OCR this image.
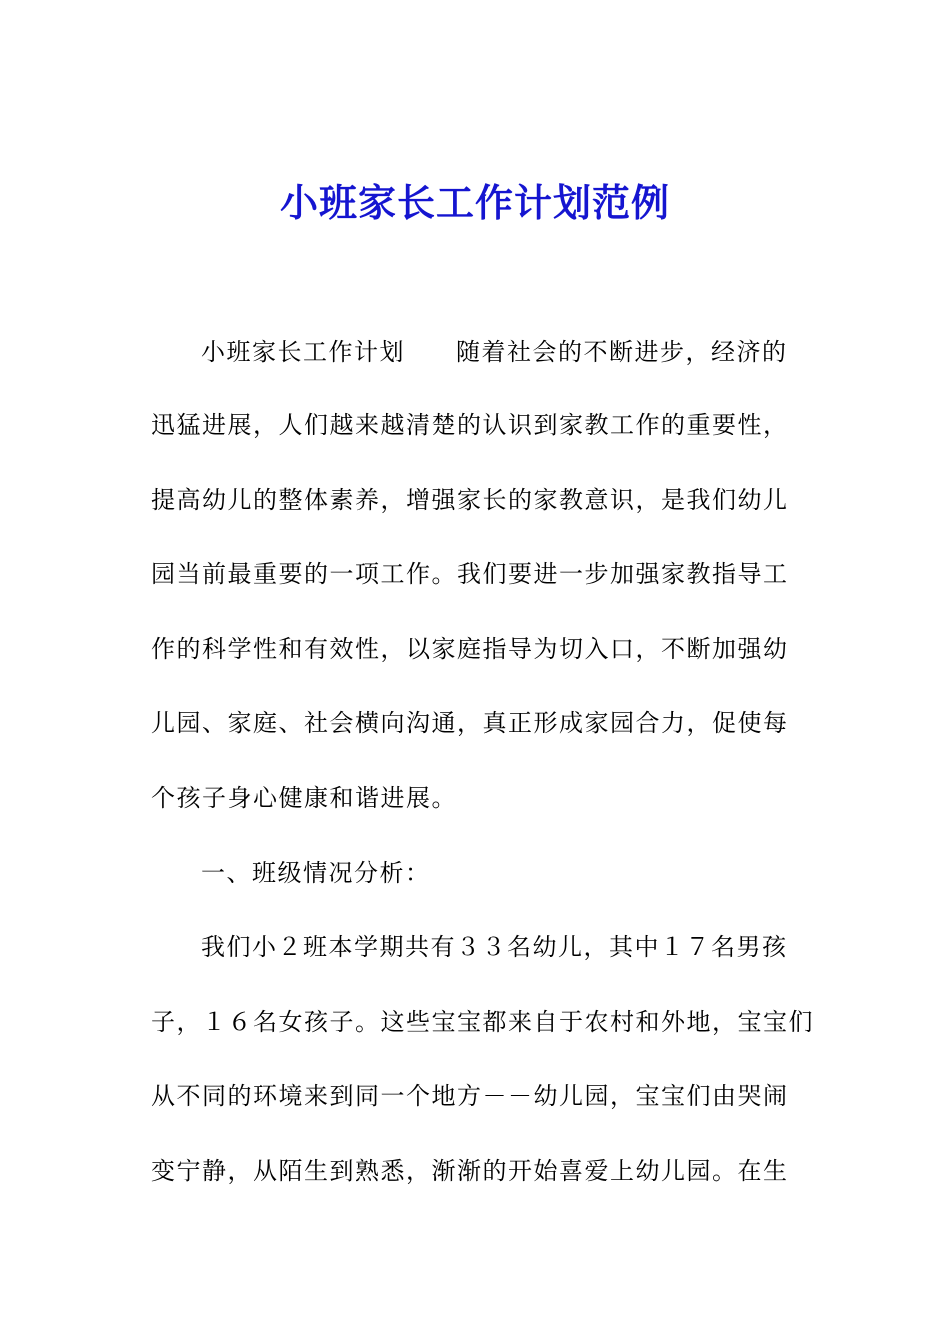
小班家长工作计划范例
小班家长工作计划　　随着社会的不断进步，经济的
迅猛进展，人们越来越清楚的认识到家教工作的重要性，
提高幼儿的整体素养，增强家长的家教意识，是我们幼儿
园当前最重要的一项工作。我们要进一步加强家教指导工
作的科学性和有效性，以家庭指导为切入口，不断加强幼
儿园、家庭、社会横向沟通，真正形成家园合力，促使每
个孩子身心健康和谐进展。
一、班级情况分析：
我们小２班本学期共有３３名幼儿，其中１７名男孩
子，１６名女孩子。这些宝宝都来自于农村和外地，宝宝们
从不同的环境来到同一个地方－－幼儿园，宝宝们由哭闹
变宁静，从陌生到熟悉，渐渐的开始喜爱上幼儿园。在生
